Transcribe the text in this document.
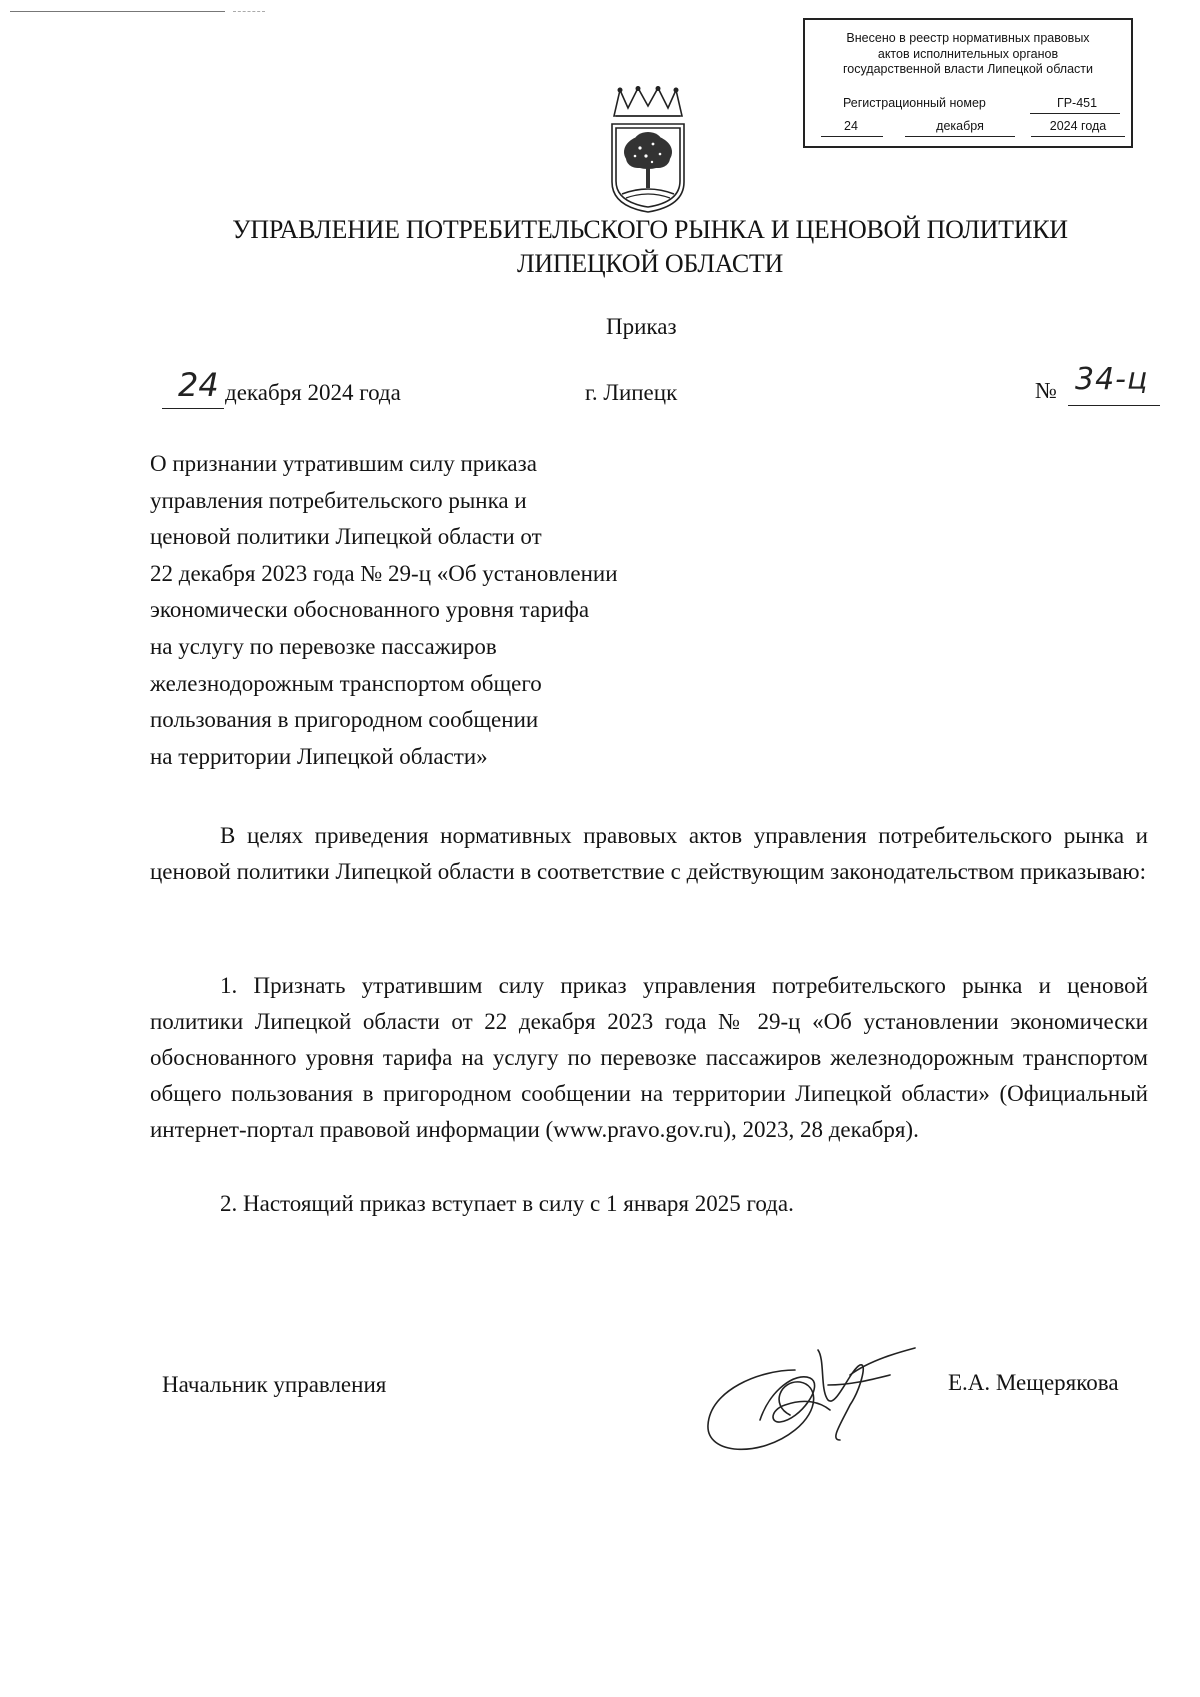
Внесено в реестр нормативных правовых
актов исполнительных органов
государственной власти Липецкой области
Регистрационный номер	ГР-451
24	декабря	2024 года
УПРАВЛЕНИЕ ПОТРЕБИТЕЛЬСКОГО РЫНКА И ЦЕНОВОЙ ПОЛИТИКИ
ЛИПЕЦКОЙ ОБЛАСТИ
Приказ
24 декабря 2024 года	г. Липецк	№ 34-ц
О признании утратившим силу приказа
управления потребительского рынка и
ценовой политики Липецкой области от
22 декабря 2023 года № 29-ц «Об установлении
экономически обоснованного уровня тарифа
на услугу по перевозке пассажиров
железнодорожным транспортом общего
пользования в пригородном сообщении
на территории Липецкой области»
В целях приведения нормативных правовых актов управления потребительского рынка и ценовой политики Липецкой области в соответствие с действующим законодательством приказываю:
1. Признать утратившим силу приказ управления потребительского рынка и ценовой политики Липецкой области от 22 декабря 2023 года № 29-ц «Об установлении экономически обоснованного уровня тарифа на услугу по перевозке пассажиров железнодорожным транспортом общего пользования в пригородном сообщении на территории Липецкой области» (Официальный интернет-портал правовой информации (www.pravo.gov.ru), 2023, 28 декабря).
2. Настоящий приказ вступает в силу с 1 января 2025 года.
Начальник управления	Е.А. Мещерякова
